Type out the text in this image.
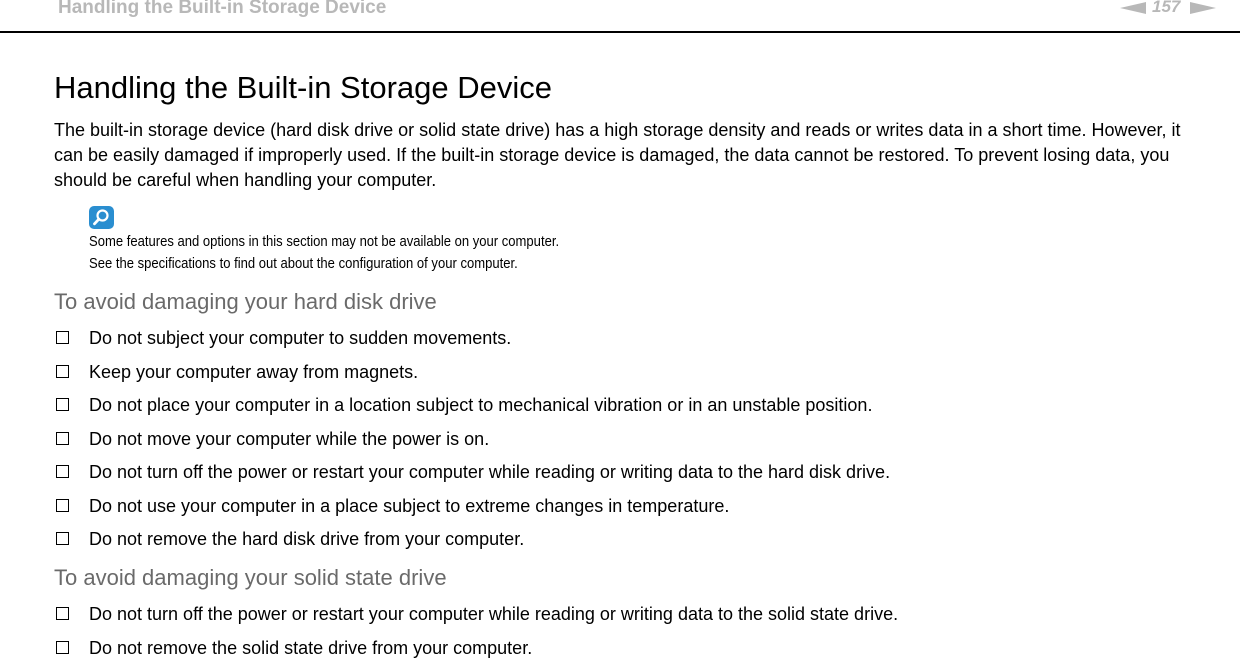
Handling the Built-in Storage Device	157
Handling the Built-in Storage Device

The built-in storage device (hard disk drive or solid state drive) has a high storage density and reads or writes data in a short time. However, it can be easily damaged if improperly used. If the built-in storage device is damaged, the data cannot be restored. To prevent losing data, you should be careful when handling your computer.

Some features and options in this section may not be available on your computer.
See the specifications to find out about the configuration of your computer.
To avoid damaging your hard disk drive
Do not subject your computer to sudden movements.
Keep your computer away from magnets.
Do not place your computer in a location subject to mechanical vibration or in an unstable position.
Do not move your computer while the power is on.
Do not turn off the power or restart your computer while reading or writing data to the hard disk drive.
Do not use your computer in a place subject to extreme changes in temperature.
Do not remove the hard disk drive from your computer.
To avoid damaging your solid state drive
Do not turn off the power or restart your computer while reading or writing data to the solid state drive.
Do not remove the solid state drive from your computer.
